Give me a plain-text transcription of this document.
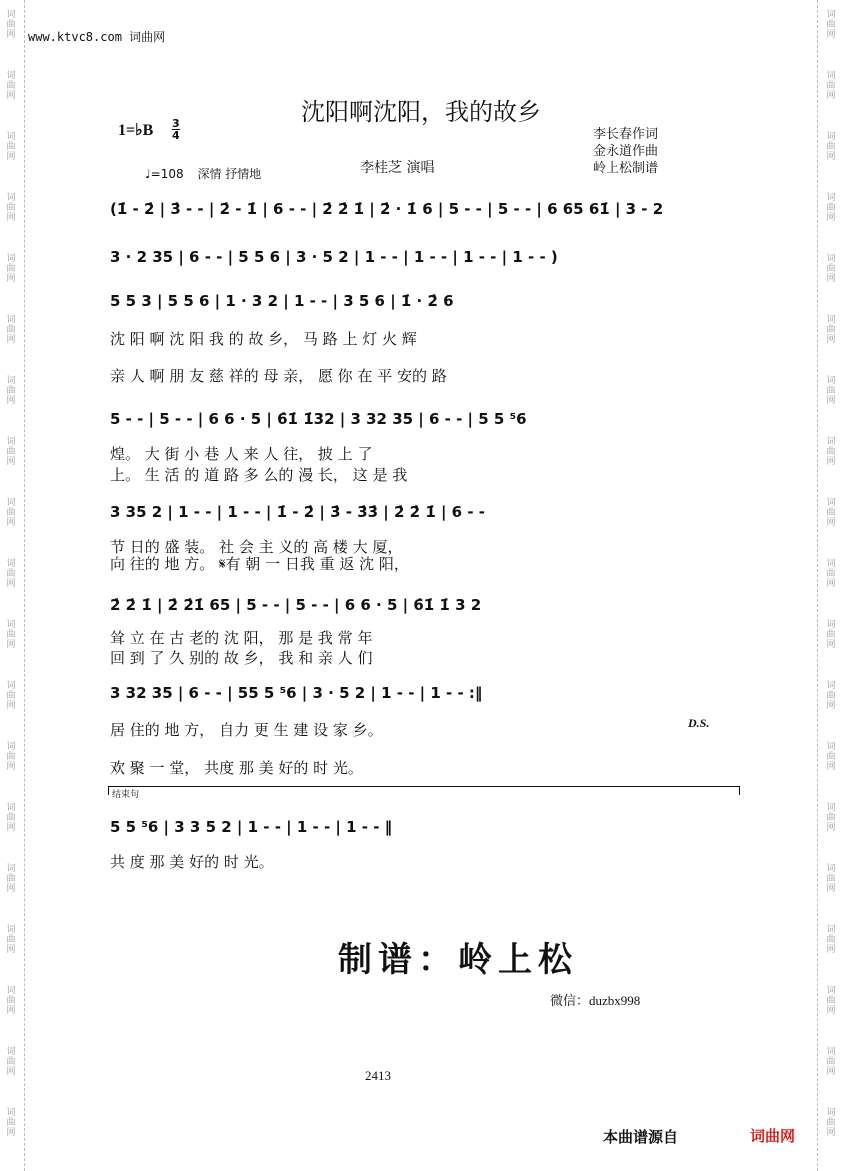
词曲网
词曲网
词曲网
词曲网
词曲网
词曲网
词曲网
词曲网
词曲网
词曲网
词曲网
词曲网
词曲网
词曲网
词曲网
词曲网
词曲网
词曲网
词曲网
词曲网
词曲网
词曲网
词曲网
词曲网
词曲网
词曲网
词曲网
词曲网
词曲网
词曲网
词曲网
词曲网
词曲网
词曲网
词曲网
词曲网
词曲网
词曲网
www.ktvc8.com 词曲网
沈阳啊沈阳，我的故乡
1=♭B $\frac{3}{4}$	李长春作词
金永道作曲
岭上松制谱
李桂芝 演唱
♩=108 深情 抒情地
(1̇ - 2̇ | 3̇ - - | 2̇ - 1̇ | 6 - - | 2̇ 2̇ 1̇ | 2̇ · 1̇ 6 | 5 - - | 5 - - | 6 65 61̇ | 3 - 2
3 · 2 35 | 6 - - | 5 5 6 | 3 · 5 2 | 1 - - | 1 - - | 1 - - | 1 - - )
5 5 3 | 5 5 6 | 1 · 3 2 | 1 - - | 3 5 6 | 1̇ · 2̇ 6
5 - - | 5 - - | 6 6 · 5 | 6̇1̇ 1̇32 | 3 32 35 | 6 - - | 5 5 ⁵6
3 35 2 | 1 - - | 1 - - | 1̇ - 2̇ | 3̇ - 3̇3̇ | 2̇ 2̇ 1̇ | 6 - -
2̇ 2̇ 1̇ | 2̇ 2̇1̇ 65 | 5 - - | 5 - - | 6 6 · 5 | 6̇1̇ 1̇ 3 2
3 32 35 | 6 - - | 55 5 ⁵6 | 3 · 5 2 | 1 - - | 1 - - :‖
5 5 ⁵6 | 3 3 5 2 | 1 - - | 1 - - | 1 - - ‖
沈 阳 啊 沈 阳 我 的 故 乡， 马 路 上 灯 火 辉
亲 人 啊 朋 友 慈 祥的 母 亲， 愿 你 在 平 安的 路
煌。 大 街 小 巷 人 来 人 往， 披 上 了
上。 生 活 的 道 路 多 么的 漫 长， 这 是 我
节 日的 盛 装。 社 会 主 义的 高 楼 大 厦，
向 往的 地 方。 𝄋有 朝 一 日我 重 返 沈 阳，
耸 立 在 古 老的 沈 阳， 那 是 我 常 年
回 到 了 久 别的 故 乡， 我 和 亲 人 们
居 住的 地 方， 自力 更 生 建 设 家 乡。
欢 聚 一 堂， 共度 那 美 好的 时 光。
共 度 那 美 好的 时 光。
结束句
D.S.
制谱：岭上松
微信：duzbx998
2413
本曲谱源自	词曲网
